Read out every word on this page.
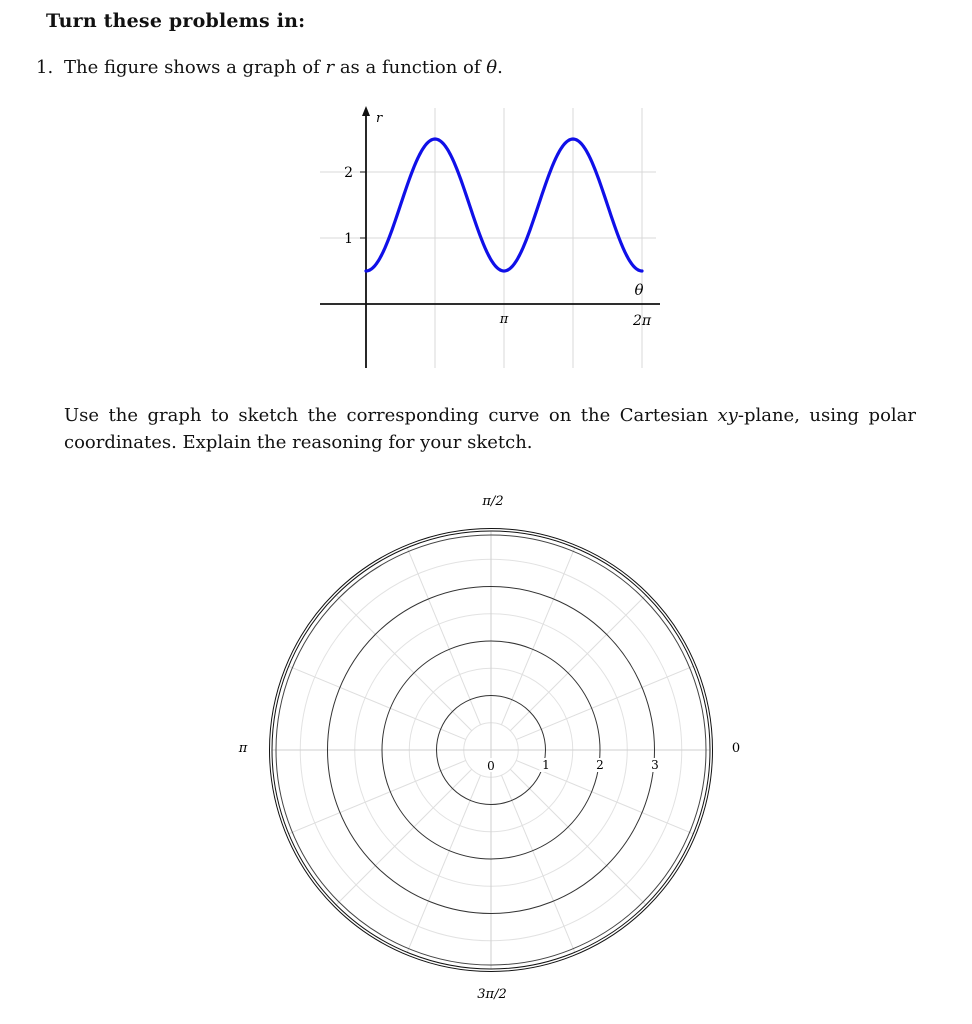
Turn these problems in:
1. The figure shows a graph of r as a function of θ.
1
2
π	2π
r
θ
Use the graph to sketch the corresponding curve on the Cartesian xy-plane, using polar coordinates. Explain the reasoning for your sketch.
π/2
3π/2
π	0
0	1	2	3
